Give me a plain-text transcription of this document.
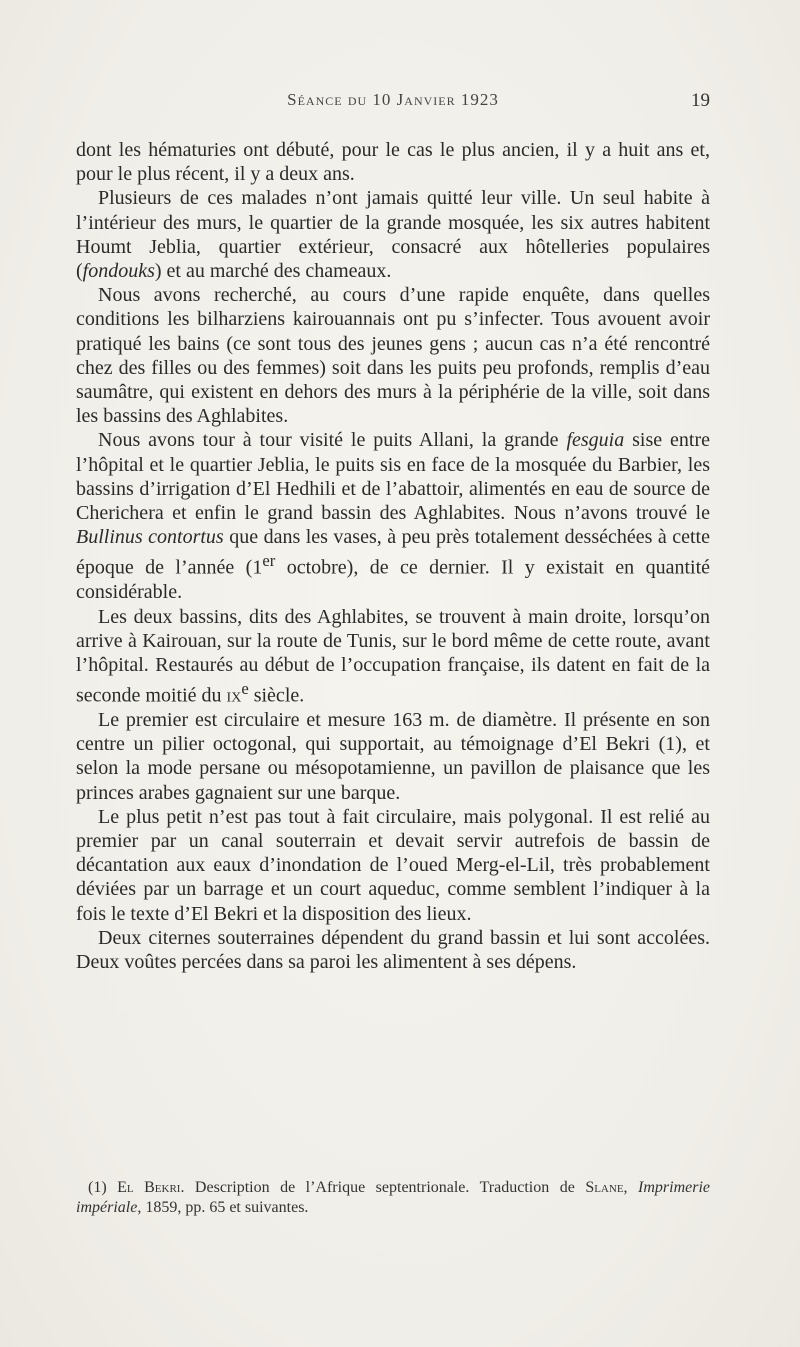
Séance du 10 Janvier 1923	19

dont les hématuries ont débuté, pour le cas le plus ancien, il y a huit ans et, pour le plus récent, il y a deux ans.

Plusieurs de ces malades n’ont jamais quitté leur ville. Un seul habite à l’intérieur des murs, le quartier de la grande mosquée, les six autres habitent Houmt Jeblia, quartier extérieur, consacré aux hôtelleries populaires (fondouks) et au marché des chameaux.

Nous avons recherché, au cours d’une rapide enquête, dans quelles conditions les bilharziens kairouannais ont pu s’infecter. Tous avouent avoir pratiqué les bains (ce sont tous des jeunes gens ; aucun cas n’a été rencontré chez des filles ou des femmes) soit dans les puits peu profonds, remplis d’eau saumâtre, qui existent en dehors des murs à la périphérie de la ville, soit dans les bassins des Aghlabites.

Nous avons tour à tour visité le puits Allani, la grande fesguia sise entre l’hôpital et le quartier Jeblia, le puits sis en face de la mosquée du Barbier, les bassins d’irrigation d’El Hedhili et de l’abattoir, alimentés en eau de source de Cherichera et enfin le grand bassin des Aghlabites. Nous n’avons trouvé le Bullinus contortus que dans les vases, à peu près totalement desséchées à cette époque de l’année (1er octobre), de ce dernier. Il y existait en quantité considérable.

Les deux bassins, dits des Aghlabites, se trouvent à main droite, lorsqu’on arrive à Kairouan, sur la route de Tunis, sur le bord même de cette route, avant l’hôpital. Restaurés au début de l’occupation française, ils datent en fait de la seconde moitié du $ix^e$ siècle.

Le premier est circulaire et mesure 163 m. de diamètre. Il présente en son centre un pilier octogonal, qui supportait, au témoignage d’El Bekri (1), et selon la mode persane ou mésopotamienne, un pavillon de plaisance que les princes arabes gagnaient sur une barque.

Le plus petit n’est pas tout à fait circulaire, mais polygonal. Il est relié au premier par un canal souterrain et devait servir autrefois de bassin de décantation aux eaux d’inondation de l’oued Merg-el-Lil, très probablement déviées par un barrage et un court aqueduc, comme semblent l’indiquer à la fois le texte d’El Bekri et la disposition des lieux.

Deux citernes souterraines dépendent du grand bassin et lui sont accolées. Deux voûtes percées dans sa paroi les alimentent à ses dépens.

(1) El Bekri. Description de l’Afrique septentrionale. Traduction de Slane, Imprimerie impériale, 1859, pp. 65 et suivantes.
